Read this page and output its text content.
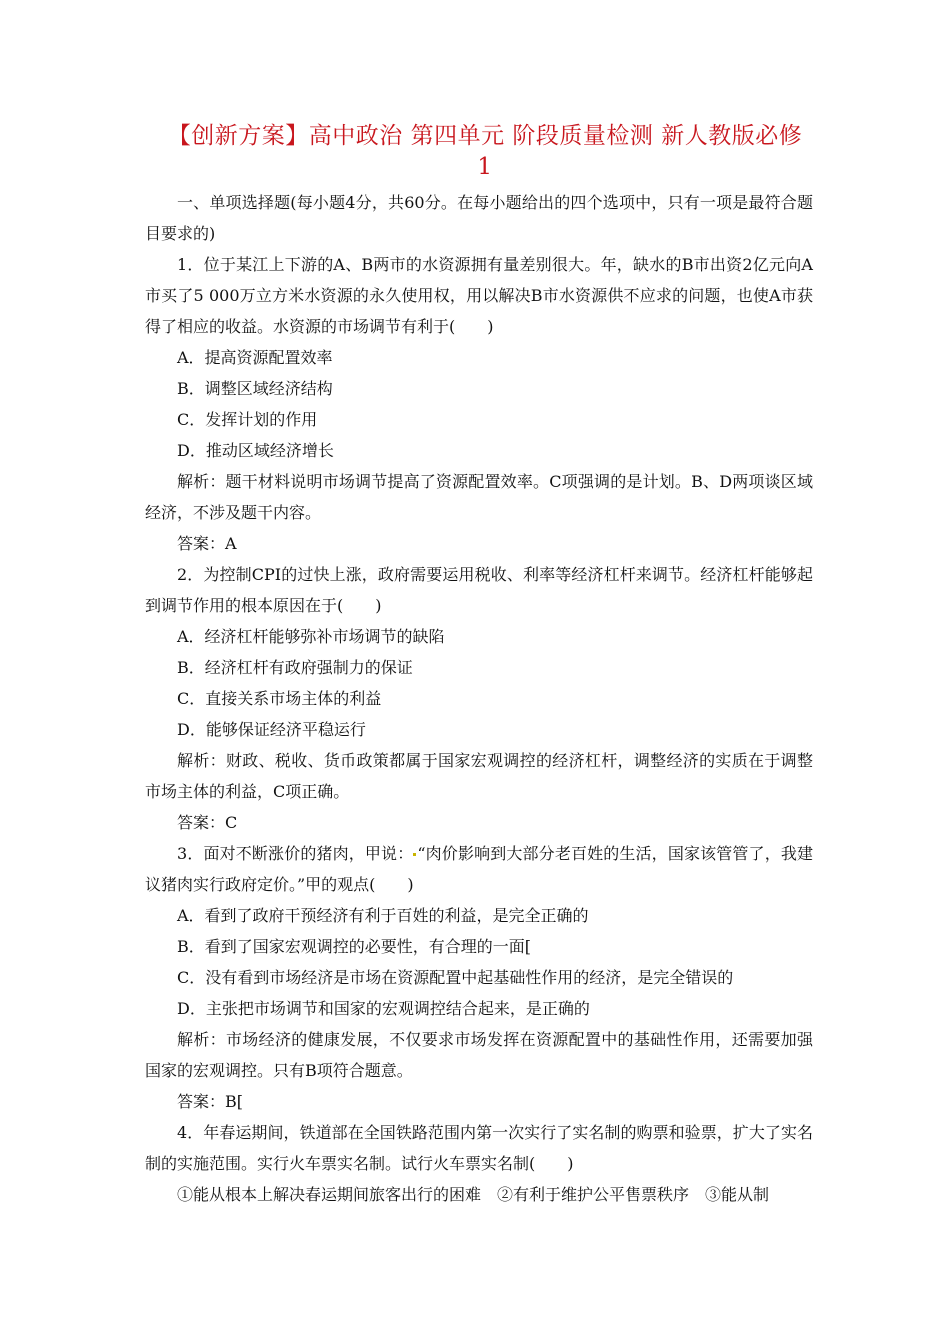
【创新方案】高中政治 第四单元 阶段质量检测 新人教版必修
1

一、单项选择题(每小题4分，共60分。在每小题给出的四个选项中，只有一项是最符合题目要求的)

1．位于某江上下游的A、B两市的水资源拥有量差别很大。年，缺水的B市出资2亿元向A市买了5 000万立方米水资源的永久使用权，用以解决B市水资源供不应求的问题，也使A市获得了相应的收益。水资源的市场调节有利于(　　)

A．提高资源配置效率

B．调整区域经济结构

C．发挥计划的作用

D．推动区域经济增长

解析：题干材料说明市场调节提高了资源配置效率。C项强调的是计划。B、D两项谈区域经济，不涉及题干内容。

答案：A

2．为控制CPI的过快上涨，政府需要运用税收、利率等经济杠杆来调节。经济杠杆能够起到调节作用的根本原因在于(　　)

A．经济杠杆能够弥补市场调节的缺陷

B．经济杠杆有政府强制力的保证

C．直接关系市场主体的利益

D．能够保证经济平稳运行

解析：财政、税收、货币政策都属于国家宏观调控的经济杠杆，调整经济的实质在于调整市场主体的利益，C项正确。

答案：C

3．面对不断涨价的猪肉，甲说： “肉价影响到大部分老百姓的生活，国家该管管了，我建议猪肉实行政府定价。”甲的观点(　　)

A．看到了政府干预经济有利于百姓的利益，是完全正确的

B．看到了国家宏观调控的必要性，有合理的一面[

C．没有看到市场经济是市场在资源配置中起基础性作用的经济，是完全错误的

D．主张把市场调节和国家的宏观调控结合起来，是正确的

解析：市场经济的健康发展，不仅要求市场发挥在资源配置中的基础性作用，还需要加强国家的宏观调控。只有B项符合题意。

答案：B[

4．年春运期间，铁道部在全国铁路范围内第一次实行了实名制的购票和验票，扩大了实名制的实施范围。实行火车票实名制。试行火车票实名制(　　)

①能从根本上解决春运期间旅客出行的困难　②有利于维护公平售票秩序　③能从制
